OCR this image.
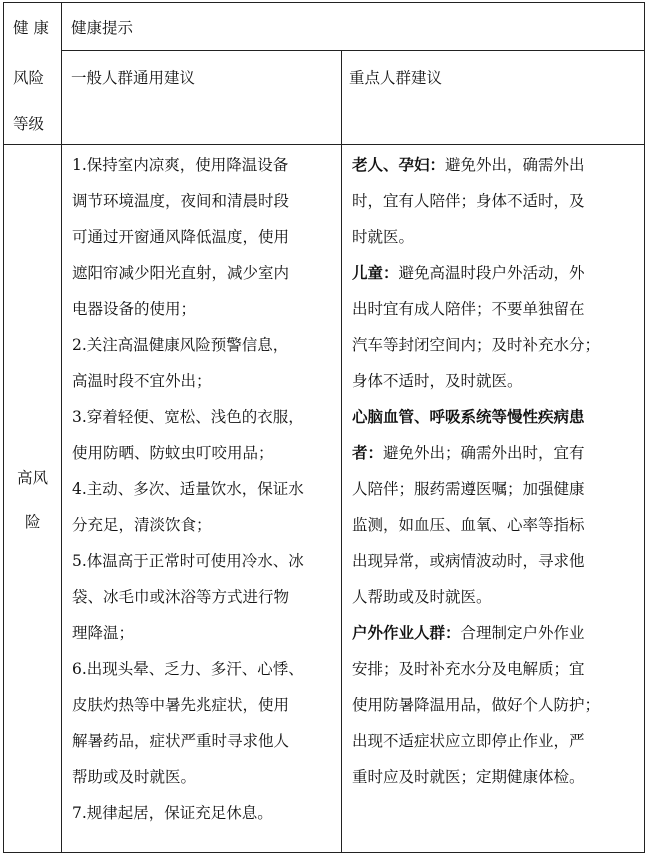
健 康
风险
等级
健康提示
一般人群通用建议	重点人群建议
高风
险
1.保持室内凉爽，使用降温设备
调节环境温度，夜间和清晨时段
可通过开窗通风降低温度，使用
遮阳帘减少阳光直射，减少室内
电器设备的使用；
2.关注高温健康风险预警信息，
高温时段不宜外出；
3.穿着轻便、宽松、浅色的衣服，
使用防晒、防蚊虫叮咬用品；
4.主动、多次、适量饮水，保证水
分充足，清淡饮食；
5.体温高于正常时可使用冷水、冰
袋、冰毛巾或沐浴等方式进行物
理降温；
6.出现头晕、乏力、多汗、心悸、
皮肤灼热等中暑先兆症状，使用
解暑药品，症状严重时寻求他人
帮助或及时就医。
7.规律起居，保证充足休息。
老人、孕妇：避免外出，确需外出
时，宜有人陪伴；身体不适时，及
时就医。
儿童：避免高温时段户外活动，外
出时宜有成人陪伴；不要单独留在
汽车等封闭空间内；及时补充水分；
身体不适时，及时就医。
心脑血管、呼吸系统等慢性疾病患
者：避免外出；确需外出时，宜有
人陪伴；服药需遵医嘱；加强健康
监测，如血压、血氧、心率等指标
出现异常，或病情波动时，寻求他
人帮助或及时就医。
户外作业人群：合理制定户外作业
安排；及时补充水分及电解质；宜
使用防暑降温用品，做好个人防护；
出现不适症状应立即停止作业，严
重时应及时就医；定期健康体检。
